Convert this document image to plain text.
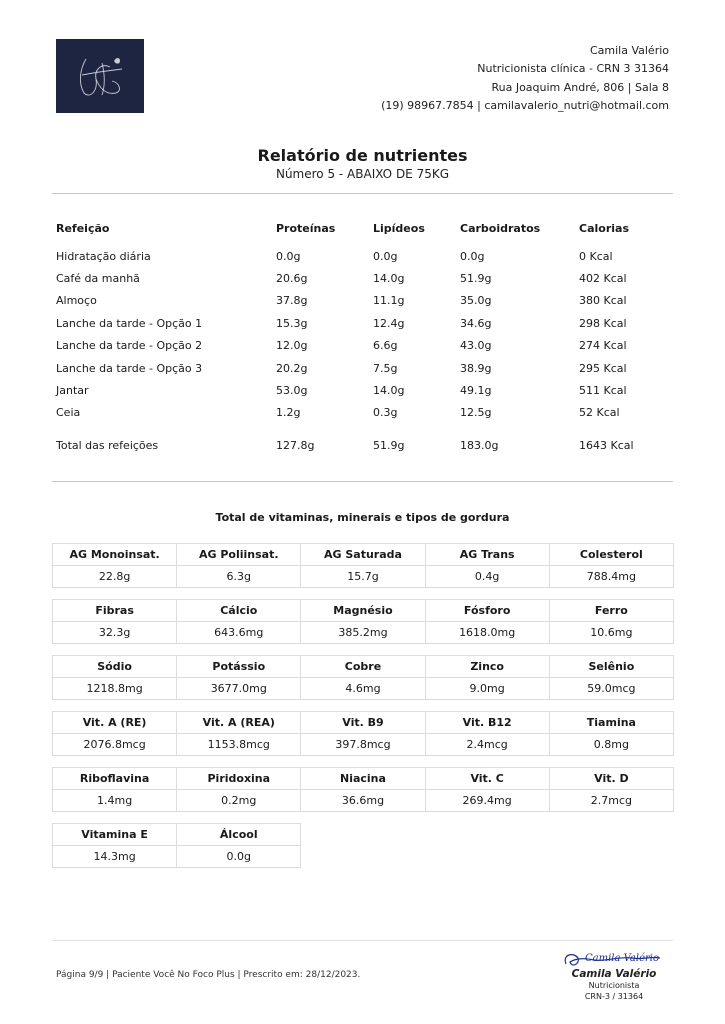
Camila Valério
Nutricionista clínica - CRN 3 31364
Rua Joaquim André, 806 | Sala 8
(19) 98967.7854 | camilavalerio_nutri@hotmail.com
Relatório de nutrientes
Número 5 - ABAIXO DE 75KG
Refeição	Proteínas	Lipídeos	Carboidratos	Calorias
Hidratação diária	0.0g	0.0g	0.0g	0 Kcal
Café da manhã	20.6g	14.0g	51.9g	402 Kcal
Almoço	37.8g	11.1g	35.0g	380 Kcal
Lanche da tarde - Opção 1	15.3g	12.4g	34.6g	298 Kcal
Lanche da tarde - Opção 2	12.0g	6.6g	43.0g	274 Kcal
Lanche da tarde - Opção 3	20.2g	7.5g	38.9g	295 Kcal
Jantar	53.0g	14.0g	49.1g	511 Kcal
Ceia	1.2g	0.3g	12.5g	52 Kcal
Total das refeições	127.8g	51.9g	183.0g	1643 Kcal
Total de vitaminas, minerais e tipos de gordura
AG Monoinsat.	AG Poliinsat.	AG Saturada	AG Trans	Colesterol
22.8g	6.3g	15.7g	0.4g	788.4mg
Fibras	Cálcio	Magnésio	Fósforo	Ferro
32.3g	643.6mg	385.2mg	1618.0mg	10.6mg
Sódio	Potássio	Cobre	Zinco	Selênio
1218.8mg	3677.0mg	4.6mg	9.0mg	59.0mcg
Vit. A (RE)	Vit. A (REA)	Vit. B9	Vit. B12	Tiamina
2076.8mcg	1153.8mcg	397.8mcg	2.4mcg	0.8mg
Riboflavina	Piridoxina	Niacina	Vit. C	Vit. D
1.4mg	0.2mg	36.6mg	269.4mg	2.7mcg
Vitamina E	Álcool			
14.3mg	0.0g			
Página 9/9 | Paciente Você No Foco Plus | Prescrito em: 28/12/2023.
Camila Valério
Camila Valério
Nutricionista
CRN-3 / 31364
